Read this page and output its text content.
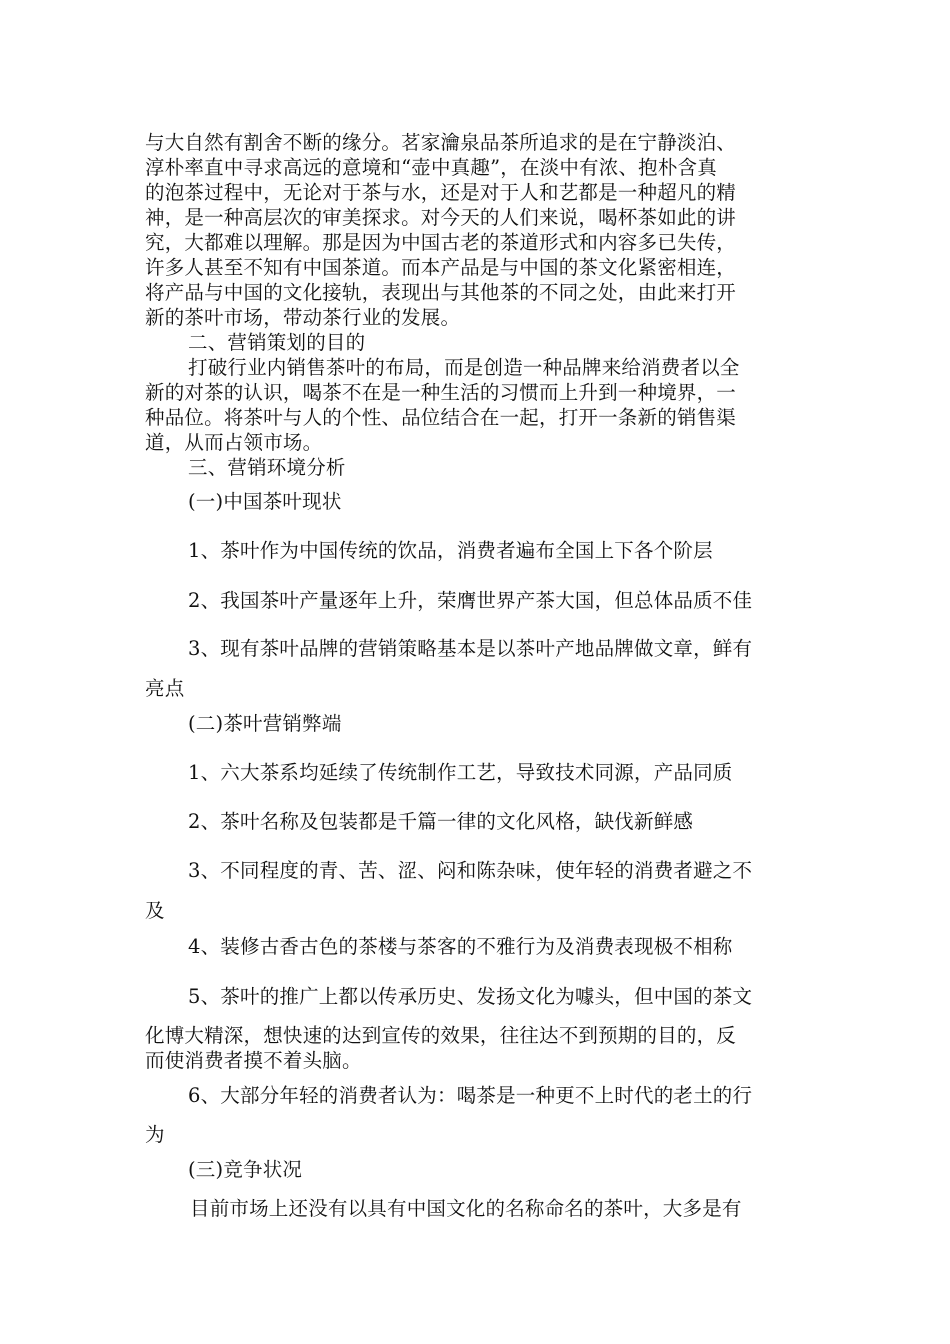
与大自然有割舍不断的缘分。茗家瀹泉品茶所追求的是在宁静淡泊、
淳朴率直中寻求高远的意境和“壶中真趣”，在淡中有浓、抱朴含真
的泡茶过程中，无论对于茶与水，还是对于人和艺都是一种超凡的精
神，是一种高层次的审美探求。对今天的人们来说，喝杯茶如此的讲
究，大都难以理解。那是因为中国古老的茶道形式和内容多已失传，
许多人甚至不知有中国茶道。而本产品是与中国的茶文化紧密相连，
将产品与中国的文化接轨，表现出与其他茶的不同之处，由此来打开
新的茶叶市场，带动茶行业的发展。
二、营销策划的目的
打破行业内销售茶叶的布局，而是创造一种品牌来给消费者以全
新的对茶的认识，喝茶不在是一种生活的习惯而上升到一种境界，一
种品位。将茶叶与人的个性、品位结合在一起，打开一条新的销售渠
道，从而占领市场。
三、营销环境分析
(一)中国茶叶现状
1、茶叶作为中国传统的饮品，消费者遍布全国上下各个阶层
2、我国茶叶产量逐年上升，荣膺世界产茶大国，但总体品质不佳
3、现有茶叶品牌的营销策略基本是以茶叶产地品牌做文章，鲜有
亮点
(二)茶叶营销弊端
1、六大茶系均延续了传统制作工艺，导致技术同源，产品同质
2、茶叶名称及包装都是千篇一律的文化风格，缺伐新鲜感
3、不同程度的青、苦、涩、闷和陈杂味，使年轻的消费者避之不
及
4、装修古香古色的茶楼与茶客的不雅行为及消费表现极不相称
5、茶叶的推广上都以传承历史、发扬文化为噱头，但中国的茶文
化博大精深，想快速的达到宣传的效果，往往达不到预期的目的，反
而使消费者摸不着头脑。
6、大部分年轻的消费者认为：喝茶是一种更不上时代的老土的行
为
(三)竞争状况
目前市场上还没有以具有中国文化的名称命名的茶叶，大多是有
